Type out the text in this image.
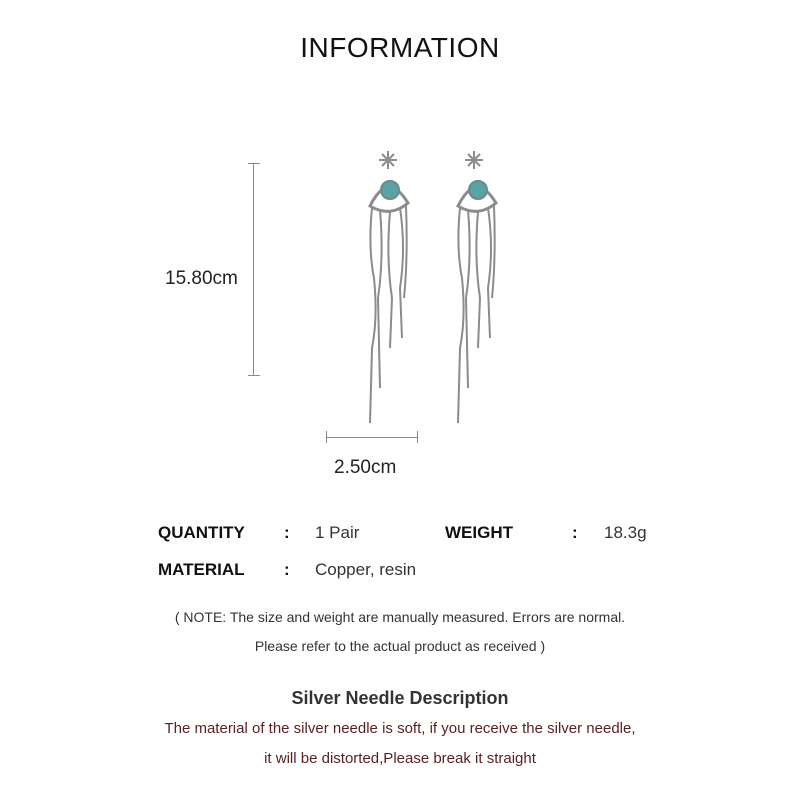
INFORMATION
15.80cm
2.50cm
QUANTITY : 1 Pair	WEIGHT	: 18.3g
MATERIAL : Copper, resin
( NOTE: The size and weight are manually measured. Errors are normal.
Please refer to the actual product as received )
Silver Needle Description
The material of the silver needle is soft, if you receive the silver needle,
it will be distorted,Please break it straight
